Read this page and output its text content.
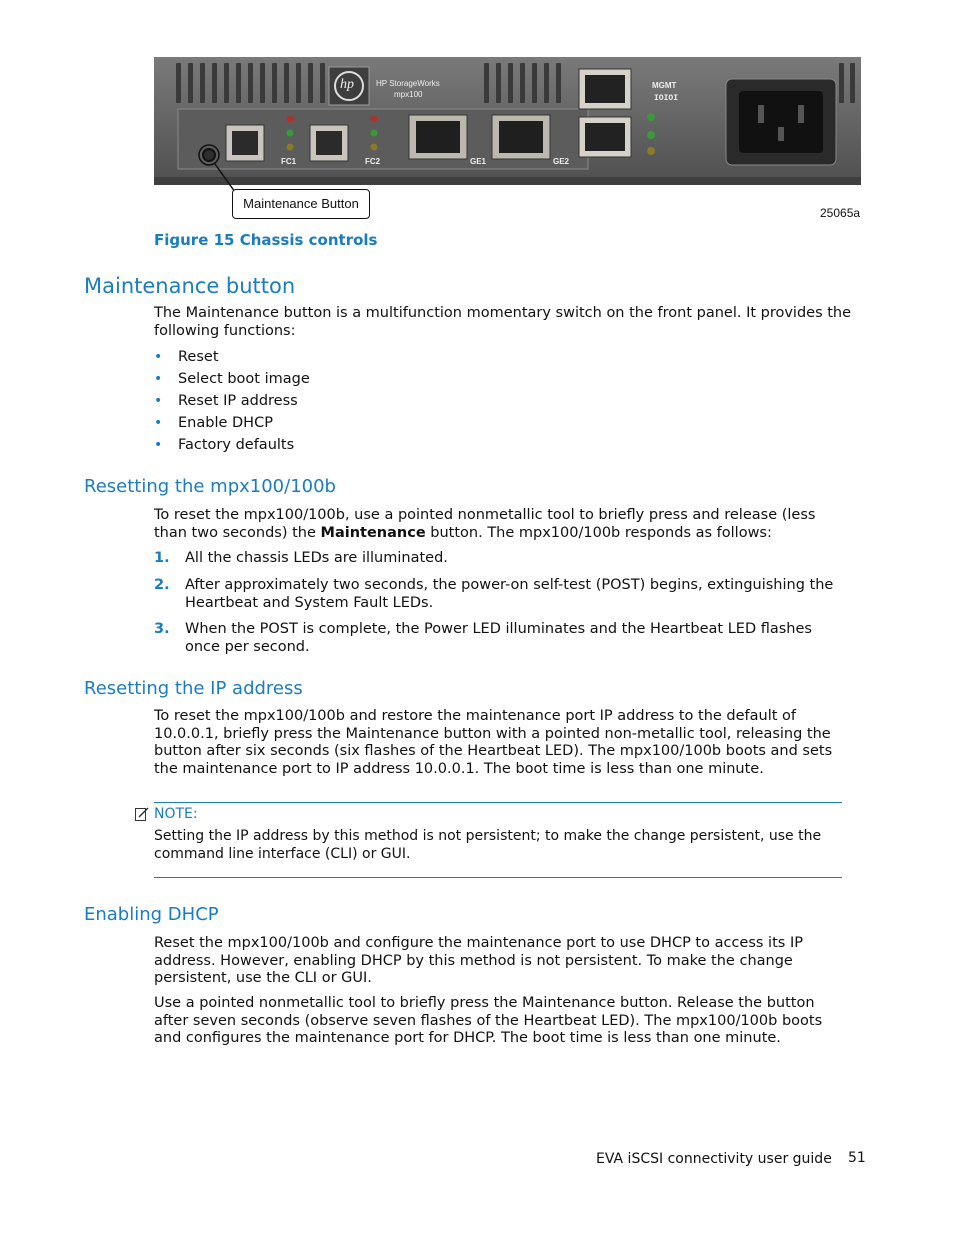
HP StorageWorks
mpx100
hp
FC1	FC2	GE1	GE2
MGMT
IOIOI
Maintenance Button
25065a
Figure 15 Chassis controls
Maintenance button
The Maintenance button is a multifunction momentary switch on the front panel. It provides the following functions:
• Reset
• Select boot image
• Reset IP address
• Enable DHCP
• Factory defaults
Resetting the mpx100/100b
To reset the mpx100/100b, use a pointed nonmetallic tool to briefly press and release (less than two seconds) the Maintenance button. The mpx100/100b responds as follows:
1. All the chassis LEDs are illuminated.
2. After approximately two seconds, the power-on self-test (POST) begins, extinguishing the Heartbeat and System Fault LEDs.
3. When the POST is complete, the Power LED illuminates and the Heartbeat LED flashes once per second.
Resetting the IP address
To reset the mpx100/100b and restore the maintenance port IP address to the default of 10.0.0.1, briefly press the Maintenance button with a pointed non-metallic tool, releasing the button after six seconds (six flashes of the Heartbeat LED). The mpx100/100b boots and sets the maintenance port to IP address 10.0.0.1. The boot time is less than one minute.
NOTE:
Setting the IP address by this method is not persistent; to make the change persistent, use the command line interface (CLI) or GUI.
Enabling DHCP
Reset the mpx100/100b and configure the maintenance port to use DHCP to access its IP address. However, enabling DHCP by this method is not persistent. To make the change persistent, use the CLI or GUI.
Use a pointed nonmetallic tool to briefly press the Maintenance button. Release the button after seven seconds (observe seven flashes of the Heartbeat LED). The mpx100/100b boots and configures the maintenance port for DHCP. The boot time is less than one minute.
EVA iSCSI connectivity user guide 51
